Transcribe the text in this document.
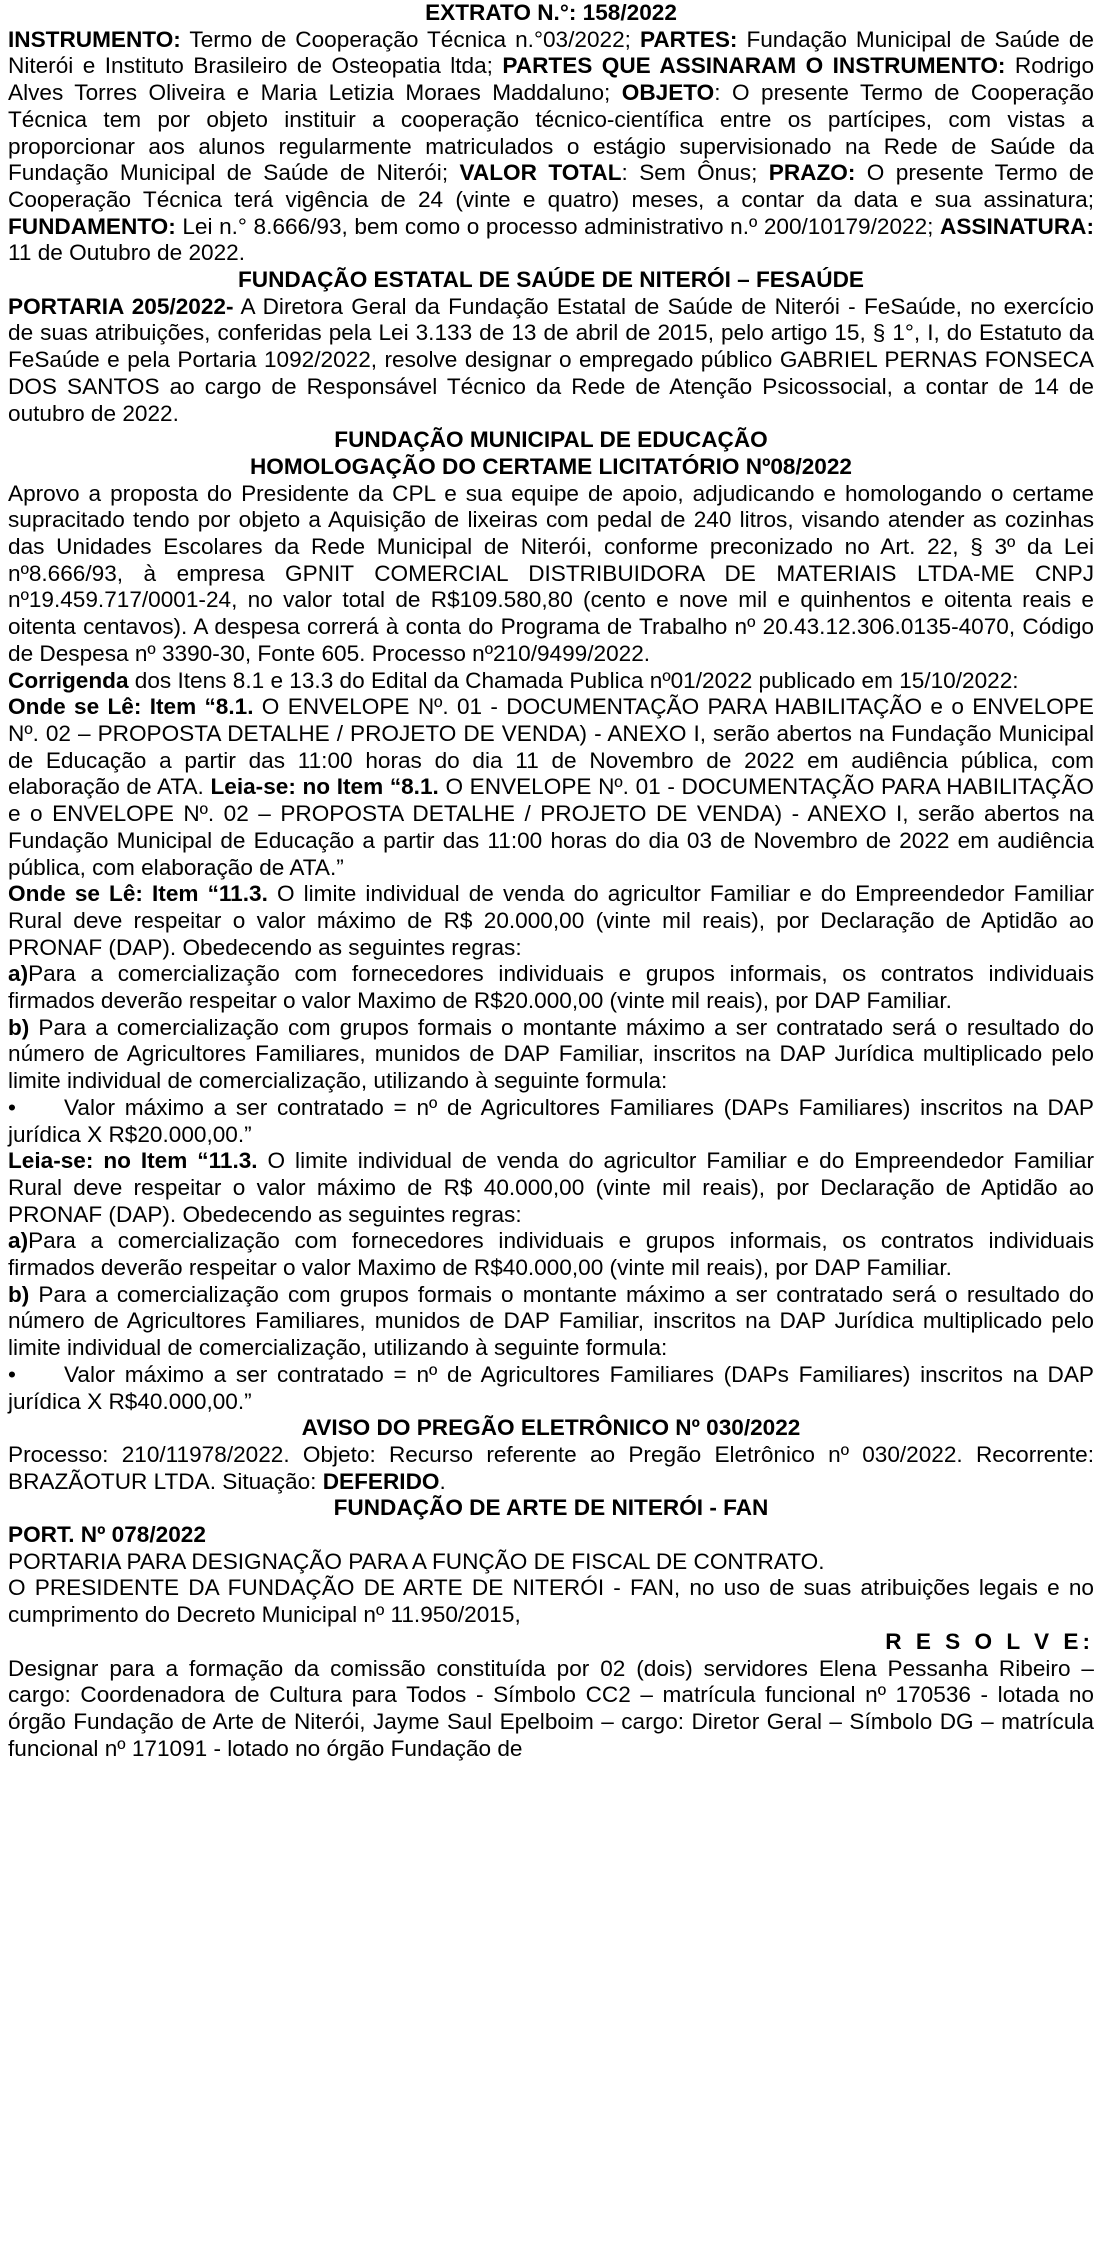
EXTRATO N.°: 158/2022

INSTRUMENTO: Termo de Cooperação Técnica n.°03/2022; PARTES: Fundação Municipal de Saúde de Niterói e Instituto Brasileiro de Osteopatia ltda; PARTES QUE ASSINARAM O INSTRUMENTO: Rodrigo Alves Torres Oliveira e Maria Letizia Moraes Maddaluno; OBJETO: O presente Termo de Cooperação Técnica tem por objeto instituir a cooperação técnico-científica entre os partícipes, com vistas a proporcionar aos alunos regularmente matriculados o estágio supervisionado na Rede de Saúde da Fundação Municipal de Saúde de Niterói; VALOR TOTAL: Sem Ônus; PRAZO: O presente Termo de Cooperação Técnica terá vigência de 24 (vinte e quatro) meses, a contar da data e sua assinatura; FUNDAMENTO: Lei n.° 8.666/93, bem como o processo administrativo n.º 200/10179/2022; ASSINATURA: 11 de Outubro de 2022.

FUNDAÇÃO ESTATAL DE SAÚDE DE NITERÓI – FESAÚDE

PORTARIA 205/2022- A Diretora Geral da Fundação Estatal de Saúde de Niterói - FeSaúde, no exercício de suas atribuições, conferidas pela Lei 3.133 de 13 de abril de 2015, pelo artigo 15, § 1°, I, do Estatuto da FeSaúde e pela Portaria 1092/2022, resolve designar o empregado público GABRIEL PERNAS FONSECA DOS SANTOS ao cargo de Responsável Técnico da Rede de Atenção Psicossocial, a contar de 14 de outubro de 2022.

FUNDAÇÃO MUNICIPAL DE EDUCAÇÃO

HOMOLOGAÇÃO DO CERTAME LICITATÓRIO Nº08/2022

Aprovo a proposta do Presidente da CPL e sua equipe de apoio, adjudicando e homologando o certame supracitado tendo por objeto a Aquisição de lixeiras com pedal de 240 litros, visando atender as cozinhas das Unidades Escolares da Rede Municipal de Niterói, conforme preconizado no Art. 22, § 3º da Lei nº8.666/93, à empresa GPNIT COMERCIAL DISTRIBUIDORA DE MATERIAIS LTDA-ME CNPJ nº19.459.717/0001-24, no valor total de R$109.580,80 (cento e nove mil e quinhentos e oitenta reais e oitenta centavos). A despesa correrá à conta do Programa de Trabalho nº 20.43.12.306.0135-4070, Código de Despesa nº 3390-30, Fonte 605. Processo nº210/9499/2022.

Corrigenda dos Itens 8.1 e 13.3 do Edital da Chamada Publica nº01/2022 publicado em 15/10/2022:

Onde se Lê: Item “8.1. O ENVELOPE Nº. 01 - DOCUMENTAÇÃO PARA HABILITAÇÃO e o ENVELOPE Nº. 02 – PROPOSTA DETALHE / PROJETO DE VENDA) - ANEXO I, serão abertos na Fundação Municipal de Educação a partir das 11:00 horas do dia 11 de Novembro de 2022 em audiência pública, com elaboração de ATA. Leia-se: no Item “8.1. O ENVELOPE Nº. 01 - DOCUMENTAÇÃO PARA HABILITAÇÃO e o ENVELOPE Nº. 02 – PROPOSTA DETALHE / PROJETO DE VENDA) - ANEXO I, serão abertos na Fundação Municipal de Educação a partir das 11:00 horas do dia 03 de Novembro de 2022 em audiência pública, com elaboração de ATA.”

Onde se Lê: Item “11.3. O limite individual de venda do agricultor Familiar e do Empreendedor Familiar Rural deve respeitar o valor máximo de R$ 20.000,00 (vinte mil reais), por Declaração de Aptidão ao PRONAF (DAP). Obedecendo as seguintes regras:

a)Para a comercialização com fornecedores individuais e grupos informais, os contratos individuais firmados deverão respeitar o valor Maximo de R$20.000,00 (vinte mil reais), por DAP Familiar.

b) Para a comercialização com grupos formais o montante máximo a ser contratado será o resultado do número de Agricultores Familiares, munidos de DAP Familiar, inscritos na DAP Jurídica multiplicado pelo limite individual de comercialização, utilizando à seguinte formula:

• Valor máximo a ser contratado = nº de Agricultores Familiares (DAPs Familiares) inscritos na DAP jurídica X R$20.000,00.”

Leia-se: no Item “11.3. O limite individual de venda do agricultor Familiar e do Empreendedor Familiar Rural deve respeitar o valor máximo de R$ 40.000,00 (vinte mil reais), por Declaração de Aptidão ao PRONAF (DAP). Obedecendo as seguintes regras:

a)Para a comercialização com fornecedores individuais e grupos informais, os contratos individuais firmados deverão respeitar o valor Maximo de R$40.000,00 (vinte mil reais), por DAP Familiar.

b) Para a comercialização com grupos formais o montante máximo a ser contratado será o resultado do número de Agricultores Familiares, munidos de DAP Familiar, inscritos na DAP Jurídica multiplicado pelo limite individual de comercialização, utilizando à seguinte formula:

• Valor máximo a ser contratado = nº de Agricultores Familiares (DAPs Familiares) inscritos na DAP jurídica X R$40.000,00.”

AVISO DO PREGÃO ELETRÔNICO Nº 030/2022

Processo: 210/11978/2022. Objeto: Recurso referente ao Pregão Eletrônico nº 030/2022. Recorrente: BRAZÃOTUR LTDA. Situação: DEFERIDO.

FUNDAÇÃO DE ARTE DE NITERÓI - FAN

PORT. Nº 078/2022

PORTARIA PARA DESIGNAÇÃO PARA A FUNÇÃO DE FISCAL DE CONTRATO.

O PRESIDENTE DA FUNDAÇÃO DE ARTE DE NITERÓI - FAN, no uso de suas atribuições legais e no cumprimento do Decreto Municipal nº 11.950/2015,

R E S O L V E:

Designar para a formação da comissão constituída por 02 (dois) servidores Elena Pessanha Ribeiro – cargo: Coordenadora de Cultura para Todos - Símbolo CC2 – matrícula funcional nº 170536 - lotada no órgão Fundação de Arte de Niterói, Jayme Saul Epelboim – cargo: Diretor Geral – Símbolo DG – matrícula funcional nº 171091 - lotado no órgão Fundação de
